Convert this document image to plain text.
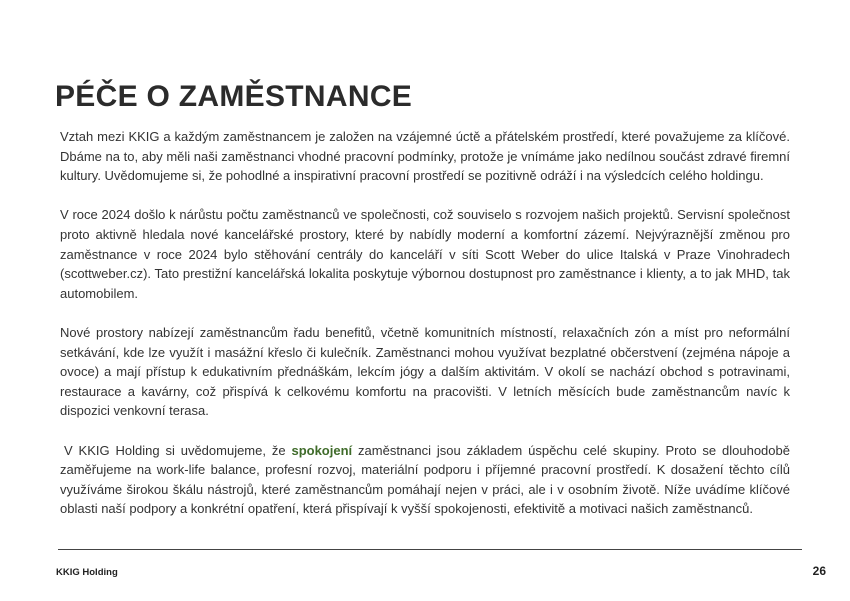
PÉČE O ZAMĚSTNANCE

Vztah mezi KKIG a každým zaměstnancem je založen na vzájemné úctě a přátelském prostředí, které považujeme za klíčové. Dbáme na to, aby měli naši zaměstnanci vhodné pracovní podmínky, protože je vnímáme jako nedílnou součást zdravé firemní kultury. Uvědomujeme si, že pohodlné a inspirativní pracovní prostředí se pozitivně odráží i na výsledcích celého holdingu.

V roce 2024 došlo k nárůstu počtu zaměstnanců ve společnosti, což souviselo s rozvojem našich projektů. Servisní společnost proto aktivně hledala nové kancelářské prostory, které by nabídly moderní a komfortní zázemí. Nejvýraznější změnou pro zaměstnance v roce 2024 bylo stěhování centrály do kanceláří v síti Scott Weber do ulice Italská v Praze Vinohradech (scottweber.cz). Tato prestižní kancelářská lokalita poskytuje výbornou dostupnost pro zaměstnance i klienty, a to jak MHD, tak automobilem.

Nové prostory nabízejí zaměstnancům řadu benefitů, včetně komunitních místností, relaxačních zón a míst pro neformální setkávání, kde lze využít i masážní křeslo či kulečník. Zaměstnanci mohou využívat bezplatné občerstvení (zejména nápoje a ovoce) a mají přístup k edukativním přednáškám, lekcím jógy a dalším aktivitám. V okolí se nachází obchod s potravinami, restaurace a kavárny, což přispívá k celkovému komfortu na pracovišti. V letních měsících bude zaměstnancům navíc k dispozici venkovní terasa.

V KKIG Holding si uvědomujeme, že spokojení zaměstnanci jsou základem úspěchu celé skupiny. Proto se dlouhodobě zaměřujeme na work-life balance, profesní rozvoj, materiální podporu i příjemné pracovní prostředí. K dosažení těchto cílů využíváme širokou škálu nástrojů, které zaměstnancům pomáhají nejen v práci, ale i v osobním životě. Níže uvádíme klíčové oblasti naší podpory a konkrétní opatření, která přispívají k vyšší spokojenosti, efektivitě a motivaci našich zaměstnanců.

KKIG Holding	26
